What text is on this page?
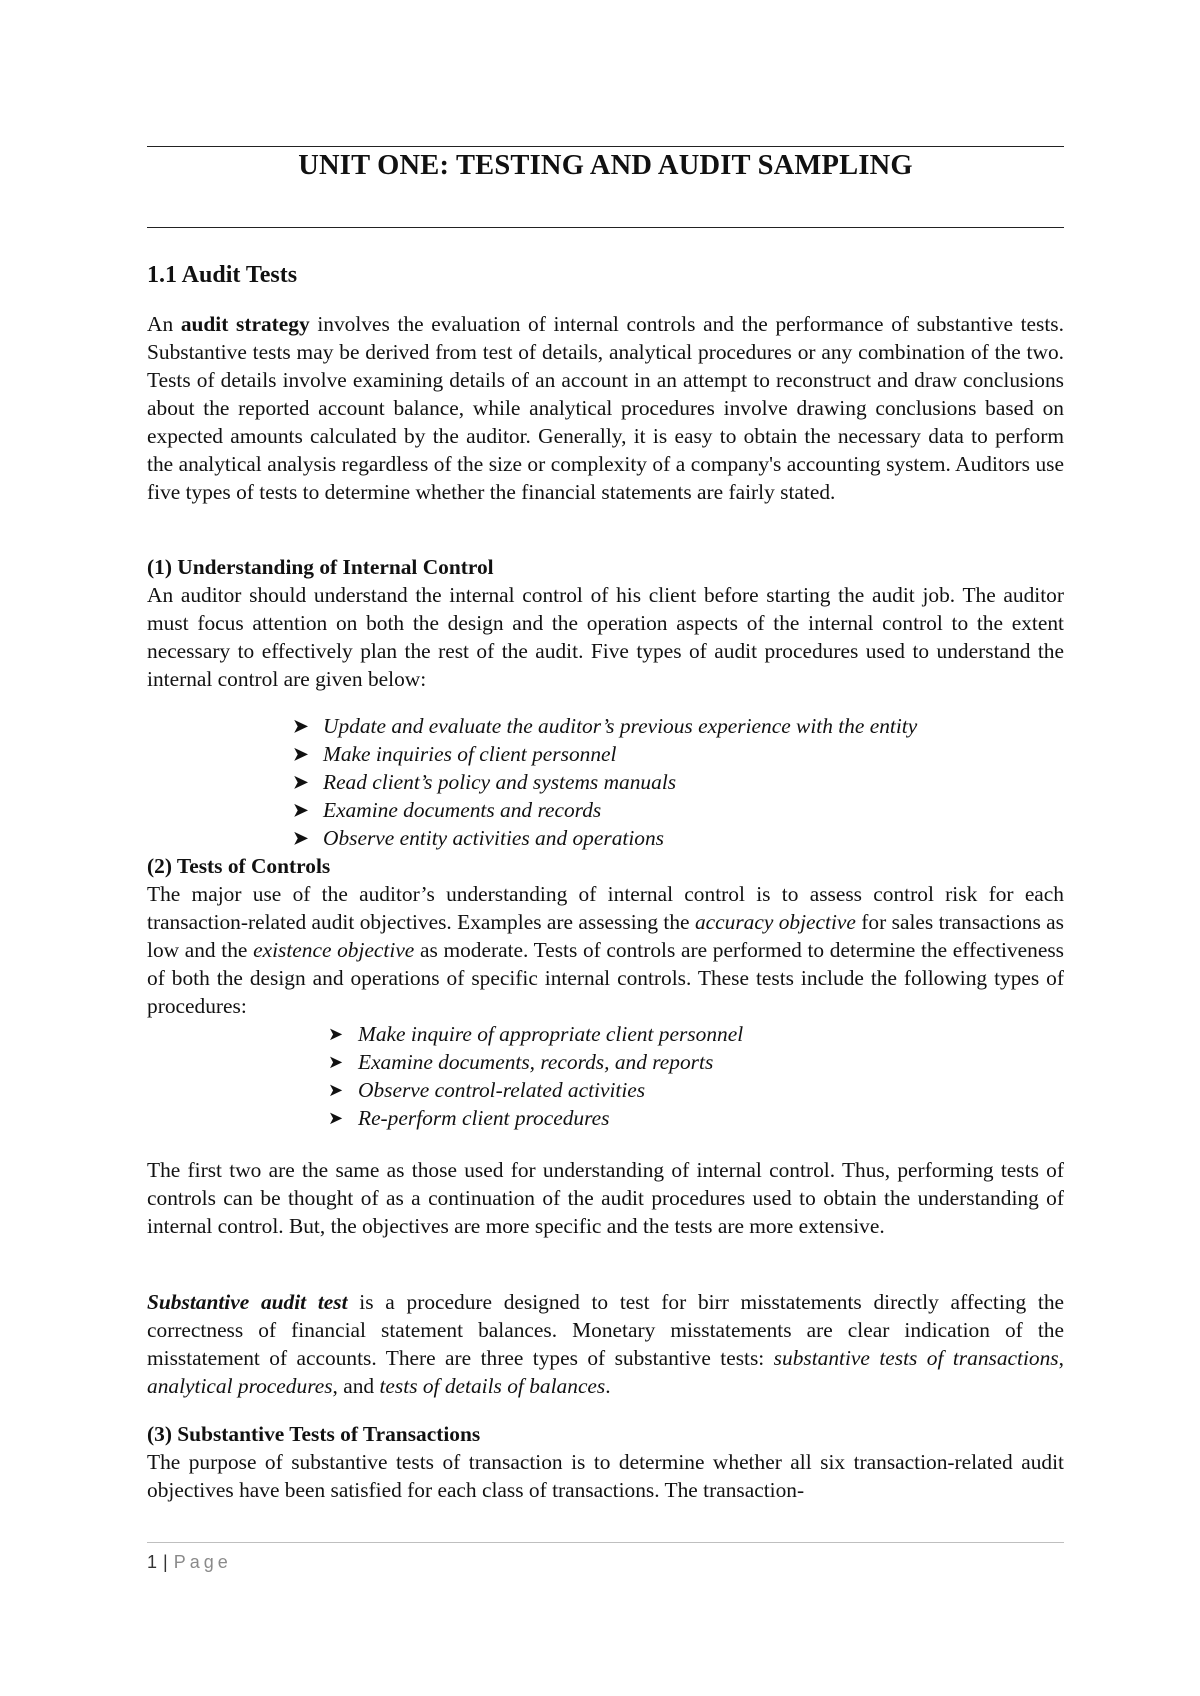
UNIT ONE: TESTING AND AUDIT SAMPLING
1.1 Audit Tests

An audit strategy involves the evaluation of internal controls and the performance of substantive tests. Substantive tests may be derived from test of details, analytical procedures or any combination of the two. Tests of details involve examining details of an account in an attempt to reconstruct and draw conclusions about the reported account balance, while analytical procedures involve drawing conclusions based on expected amounts calculated by the auditor. Generally, it is easy to obtain the necessary data to perform the analytical analysis regardless of the size or complexity of a company's accounting system. Auditors use five types of tests to determine whether the financial statements are fairly stated.

(1) Understanding of Internal Control
An auditor should understand the internal control of his client before starting the audit job. The auditor must focus attention on both the design and the operation aspects of the internal control to the extent necessary to effectively plan the rest of the audit. Five types of audit procedures used to understand the internal control are given below:
➤ Update and evaluate the auditor’s previous experience with the entity
➤ Make inquiries of client personnel
➤ Read client’s policy and systems manuals
➤ Examine documents and records
➤ Observe entity activities and operations
(2) Tests of Controls
The major use of the auditor’s understanding of internal control is to assess control risk for each transaction-related audit objectives. Examples are assessing the accuracy objective for sales transactions as low and the existence objective as moderate. Tests of controls are performed to determine the effectiveness of both the design and operations of specific internal controls. These tests include the following types of procedures:
➤ Make inquire of appropriate client personnel
➤ Examine documents, records, and reports
➤ Observe control-related activities
➤ Re-perform client procedures

The first two are the same as those used for understanding of internal control. Thus, performing tests of controls can be thought of as a continuation of the audit procedures used to obtain the understanding of internal control. But, the objectives are more specific and the tests are more extensive.

Substantive audit test is a procedure designed to test for birr misstatements directly affecting the correctness of financial statement balances. Monetary misstatements are clear indication of the misstatement of accounts. There are three types of substantive tests: substantive tests of transactions, analytical procedures, and tests of details of balances.

(3) Substantive Tests of Transactions
The purpose of substantive tests of transaction is to determine whether all six transaction-related audit objectives have been satisfied for each class of transactions. The transaction-
1 | Page
